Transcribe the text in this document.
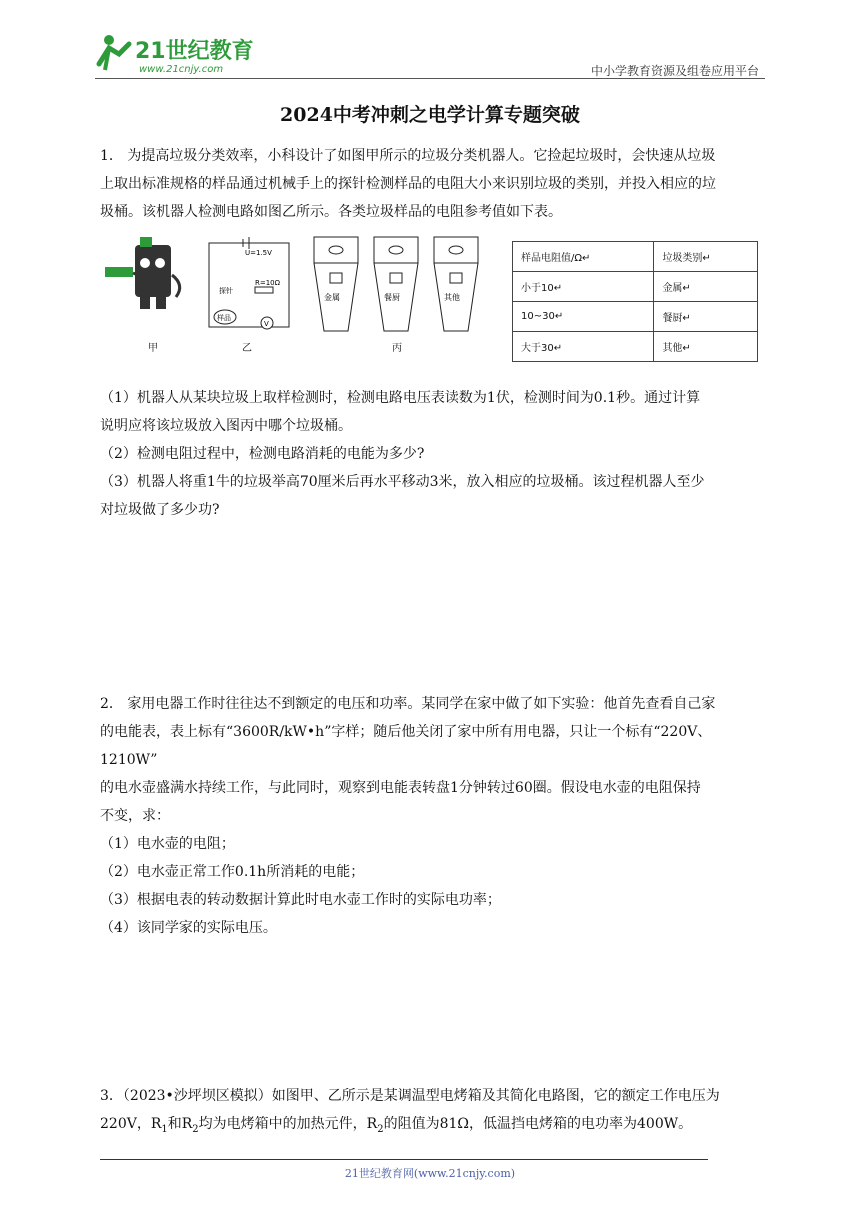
21世纪教育
www.21cnjy.com	中小学教育资源及组卷应用平台
2024中考冲刺之电学计算专题突破
1． 为提高垃圾分类效率，小科设计了如图甲所示的垃圾分类机器人。它捡起垃圾时，会快速从垃圾
上取出标准规格的样品通过机械手上的探针检测样品的电阻大小来识别垃圾的类别，并投入相应的垃
圾桶。该机器人检测电路如图乙所示。各类垃圾样品的电阻参考值如下表。
甲
V
样品
探针
U=1.5V
R=10Ω
乙
金属	餐厨	其他
丙
样品电阻值/Ω↵	垃圾类别↵
小于10↵	金属↵
10~30↵	餐厨↵
大于30↵	其他↵
（1）机器人从某块垃圾上取样检测时，检测电路电压表读数为1伏，检测时间为0.1秒。通过计算
说明应将该垃圾放入图丙中哪个垃圾桶。
（2）检测电阻过程中，检测电路消耗的电能为多少?
（3）机器人将重1牛的垃圾举高70厘米后再水平移动3米，放入相应的垃圾桶。该过程机器人至少
对垃圾做了多少功?
2． 家用电器工作时往往达不到额定的电压和功率。某同学在家中做了如下实验：他首先查看自己家
的电能表，表上标有“3600R/kW•h”字样；随后他关闭了家中所有用电器，只让一个标有“220V、1210W”
的电水壶盛满水持续工作，与此同时，观察到电能表转盘1分钟转过60圈。假设电水壶的电阻保持
不变，求：
（1）电水壶的电阻；
（2）电水壶正常工作0.1h所消耗的电能；
（3）根据电表的转动数据计算此时电水壶工作时的实际电功率；
（4）该同学家的实际电压。
3．（2023•沙坪坝区模拟）如图甲、乙所示是某调温型电烤箱及其简化电路图，它的额定工作电压为
220V，$R_1$和$R_2$均为电烤箱中的加热元件，$R_2$的阻值为81Ω，低温挡电烤箱的电功率为400W。
21世纪教育网(www.21cnjy.com)
